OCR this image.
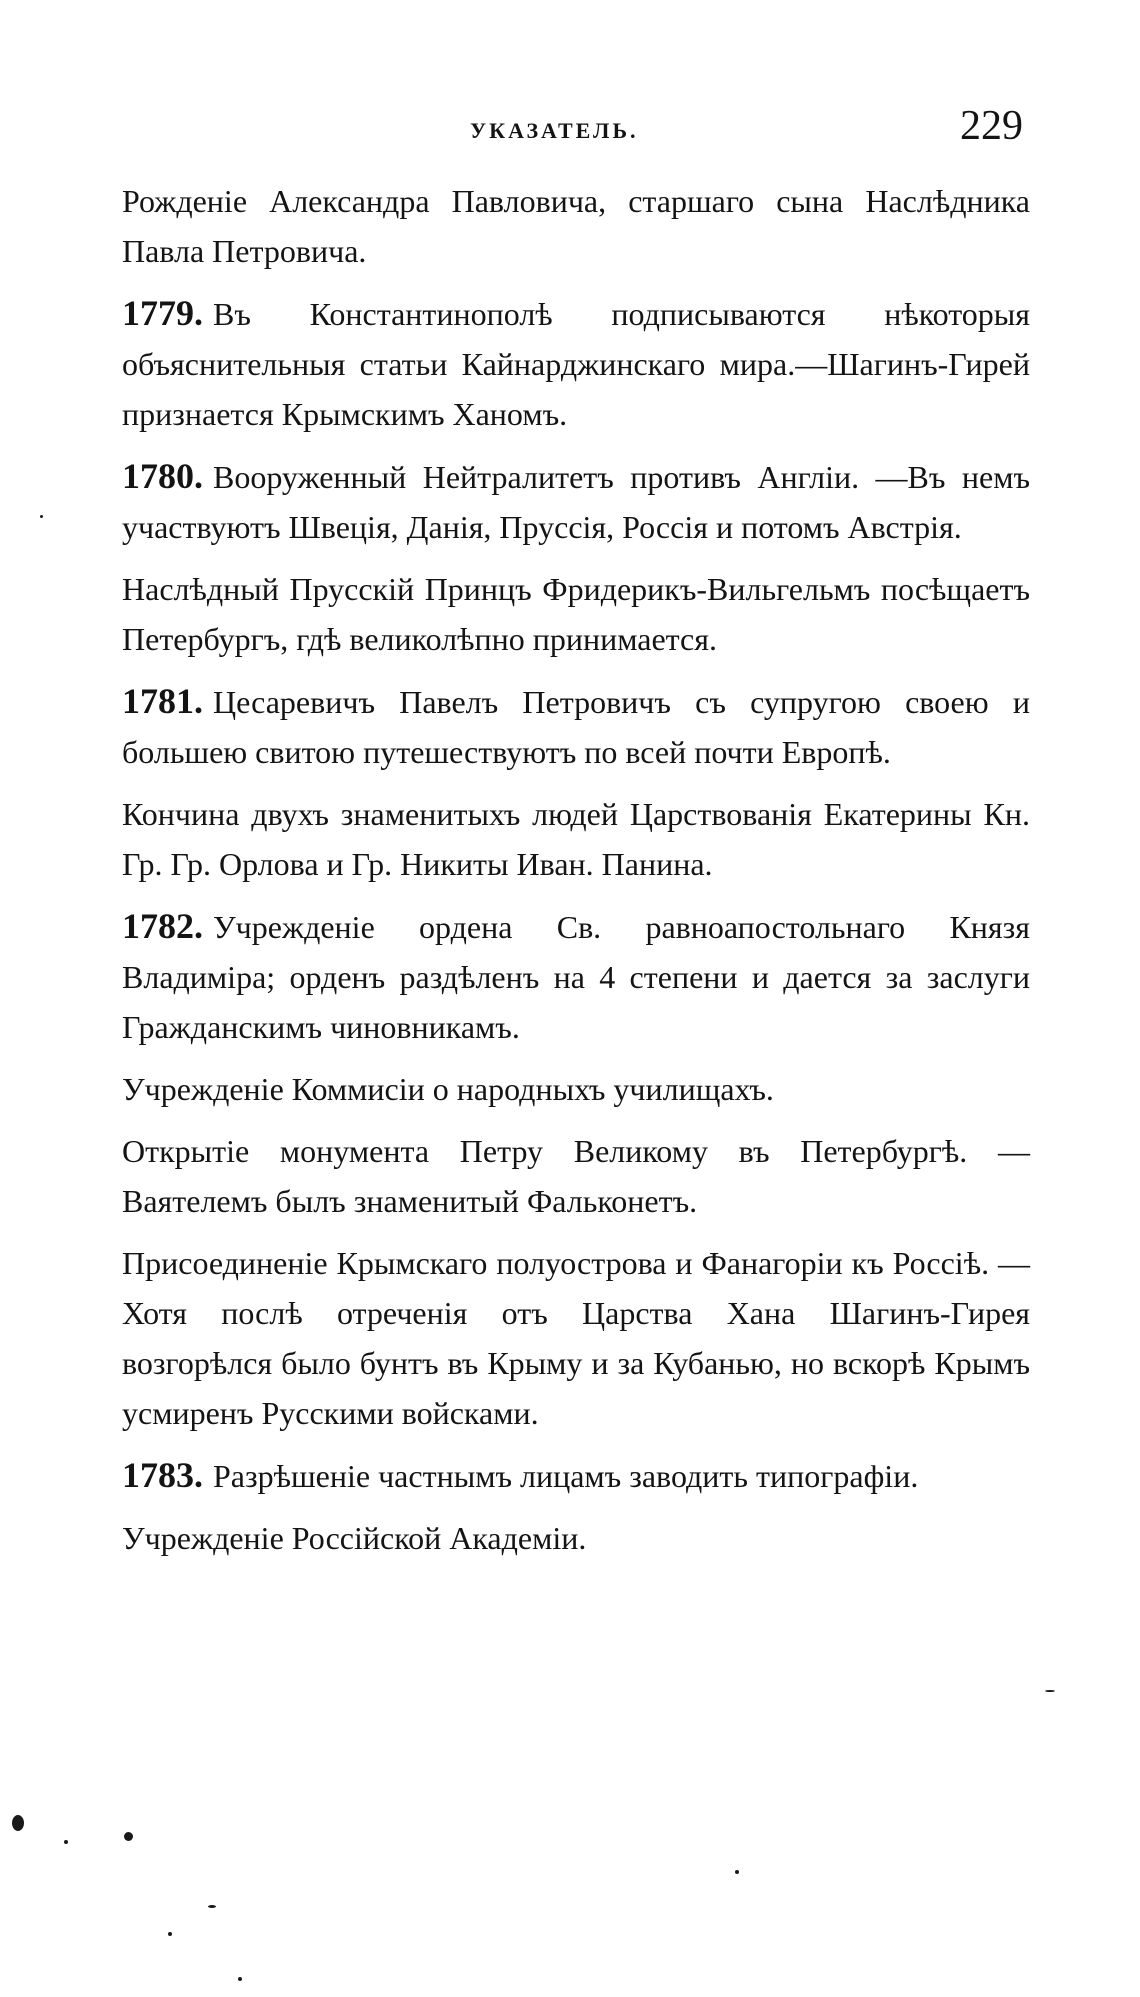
УКАЗАТЕЛЬ.	229

Рожденіе Александра Павловича, старшаго сына Наслѣдника Павла Петровича.

1779. Въ Константинополѣ подписываются нѣкоторыя объяснительныя статьи Кайнарджинскаго мира.—Шагинъ-Гирей признается Крымскимъ Ханомъ.

1780. Вооруженный Нейтралитетъ противъ Англіи. —Въ немъ участвуютъ Швеція, Данія, Пруссія, Россія и потомъ Австрія.

Наслѣдный Прусскій Принцъ Фридерикъ-Вильгельмъ посѣщаетъ Петербургъ, гдѣ великолѣпно принимается.

1781. Цесаревичъ Павелъ Петровичъ съ супругою своею и большею свитою путешествуютъ по всей почти Европѣ.

Кончина двухъ знаменитыхъ людей Царствованія Екатерины Кн. Гр. Гр. Орлова и Гр. Никиты Иван. Панина.

1782. Учрежденіе ордена Св. равноапостольнаго Князя Владиміра; орденъ раздѣленъ на 4 степени и дается за заслуги Гражданскимъ чиновникамъ.

Учрежденіе Коммисіи о народныхъ училищахъ.

Открытіе монумента Петру Великому въ Петербургѣ. —Ваятелемъ былъ знаменитый Фальконетъ.

Присоединеніе Крымскаго полуострова и Фанагоріи къ Россіѣ. — Хотя послѣ отреченія отъ Царства Хана Шагинъ-Гирея возгорѣлся было бунтъ въ Крыму и за Кубанью, но вскорѣ Крымъ усмиренъ Русскими войсками.

1783. Разрѣшеніе частнымъ лицамъ заводить типографіи.

Учрежденіе Россійской Академіи.
